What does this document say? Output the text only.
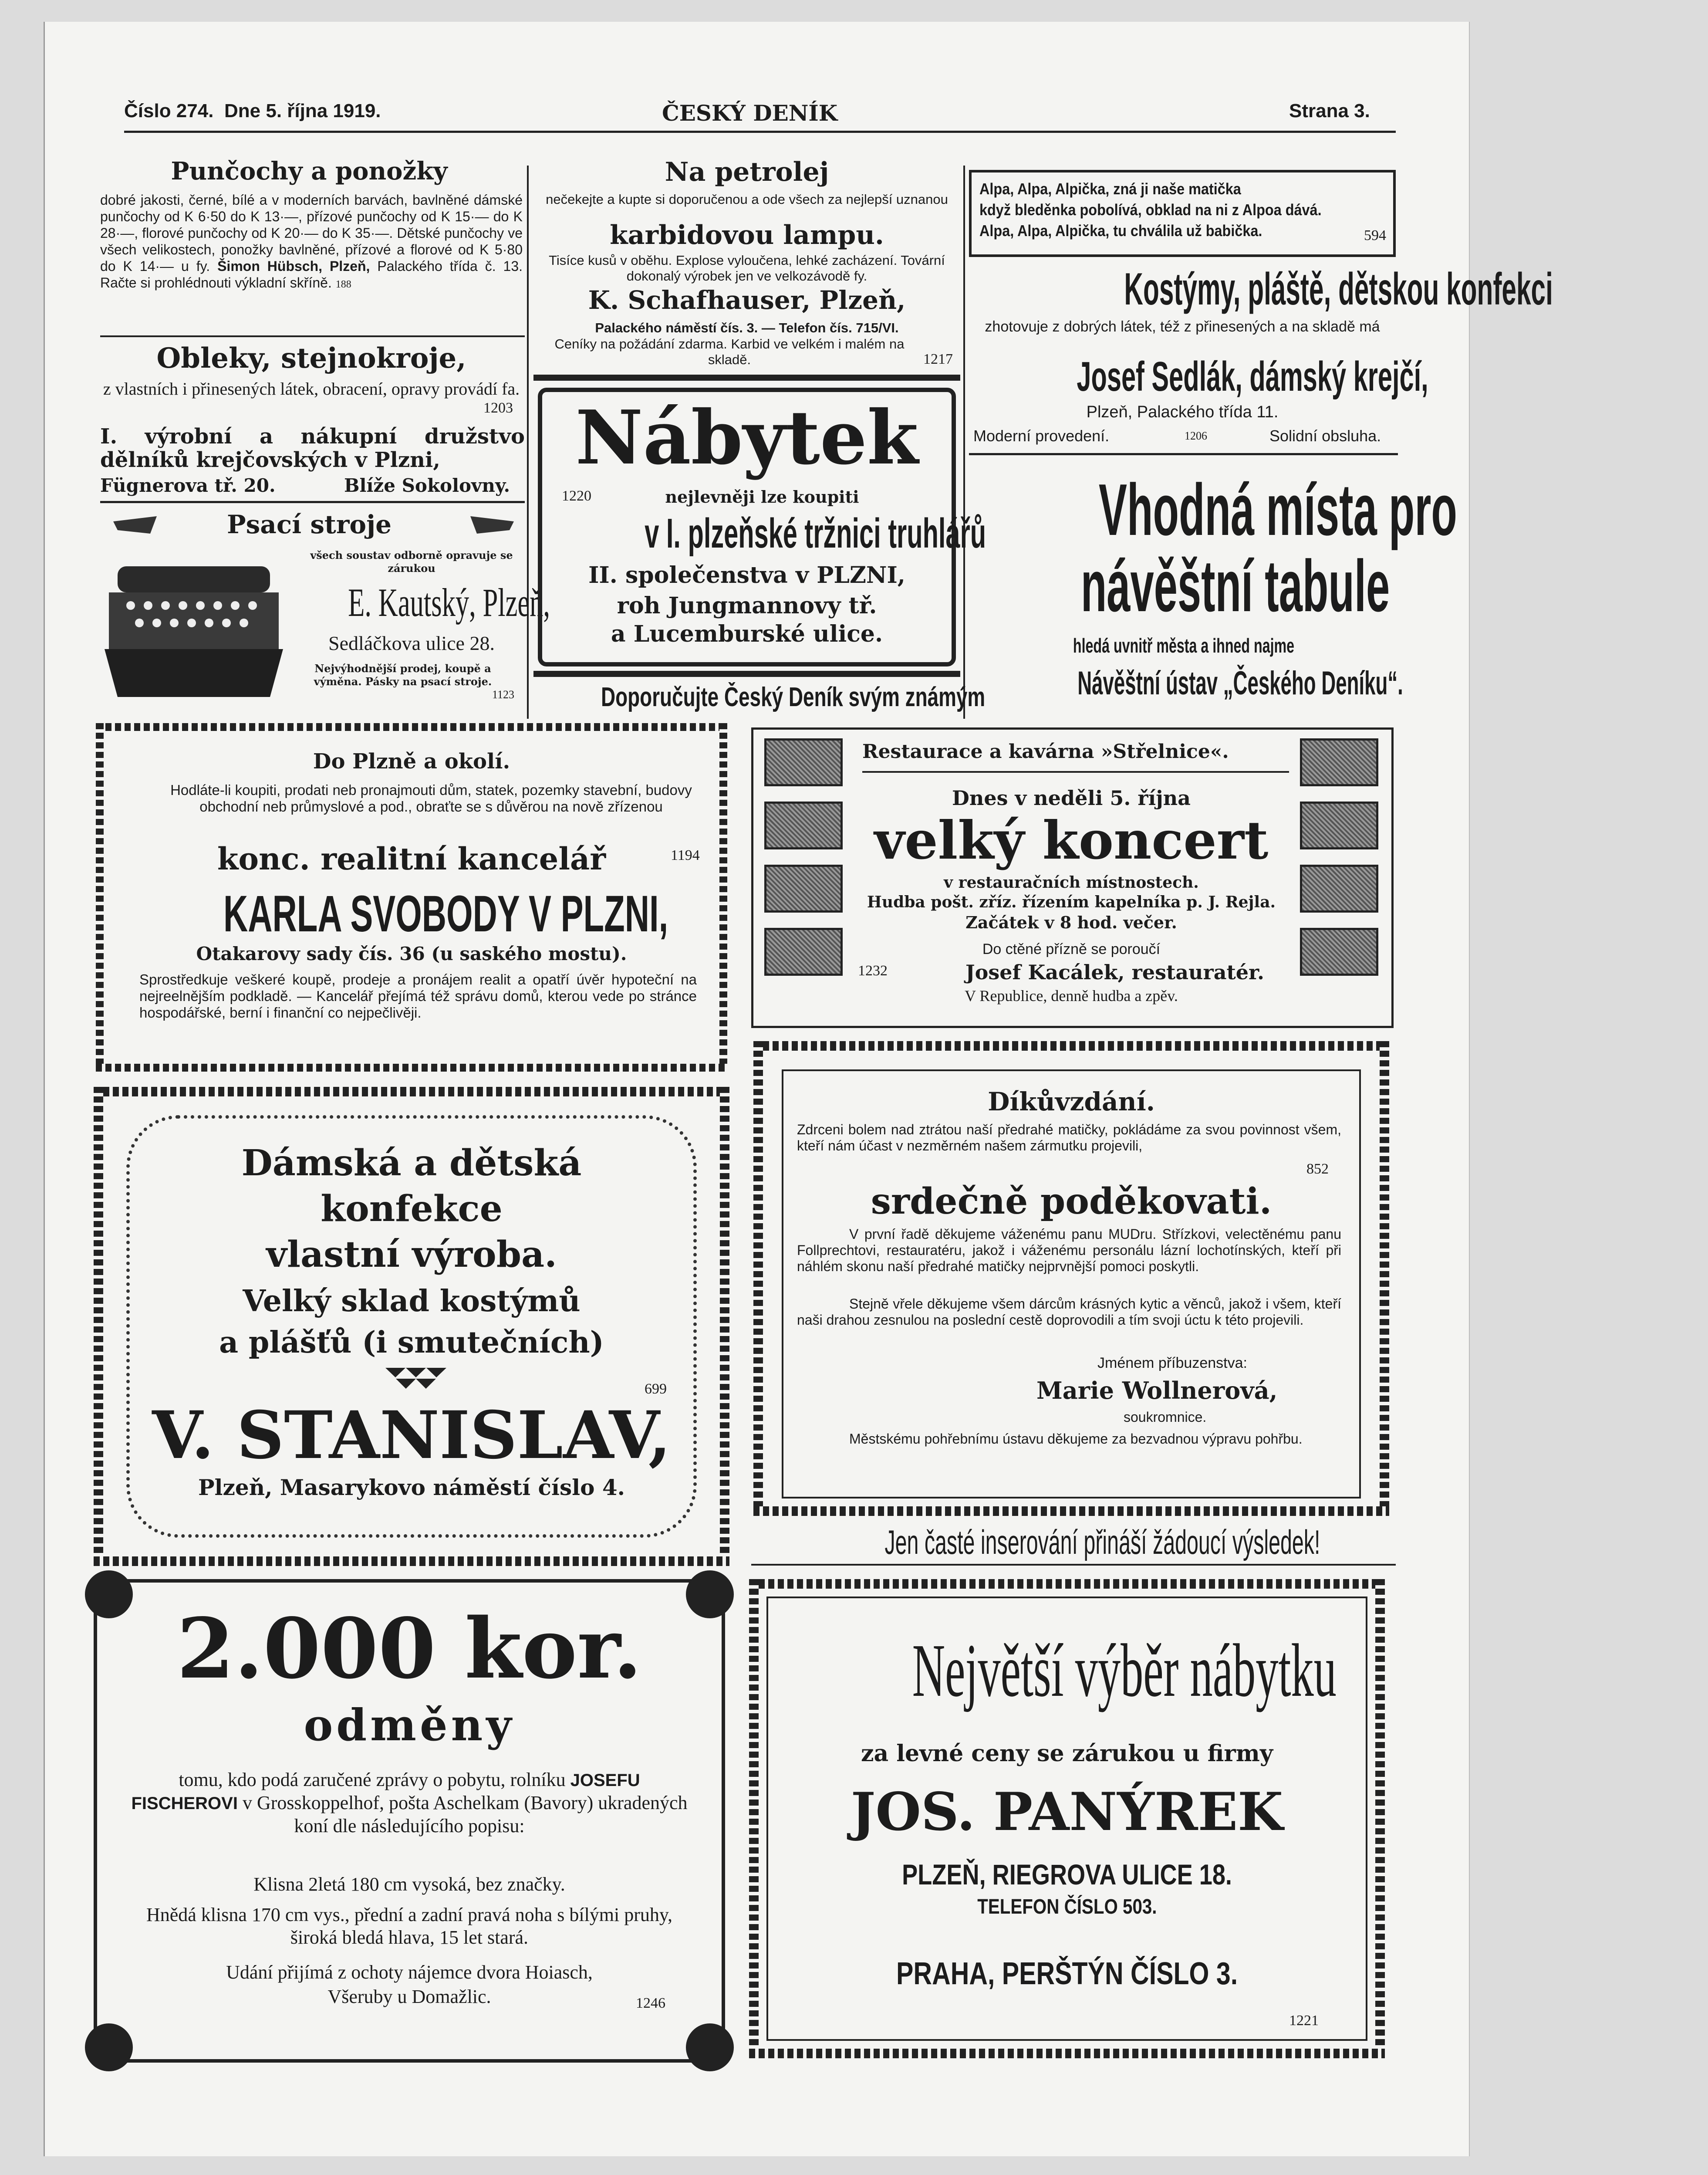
Číslo 274. Dne 5. října 1919.	ČESKÝ DENÍK	Strana 3.
Punčochy a ponožky
dobré jakosti, černé, bílé a v moderních barvách, bavlněné dámské punčochy od K 6·50 do K 13·—, přízové punčochy od K 15·— do K 28·—, florové punčochy od K 20·— do K 35·—. Dětské punčochy ve všech velikostech, ponožky bavlněné, přízové a florové od K 5·80 do K 14·— u fy. Šimon Hübsch, Plzeň, Palackého třída č. 13. Račte si prohlédnouti výkladní skříně. 188
Obleky, stejnokroje,
z vlastních i přinesených látek, obracení, opravy provádí fa.
1203
I. výrobní a nákupní družstvo dělníků krejčovských v Plzni,
Fügnerova tř. 20.	Blíže Sokolovny.
Psací stroje
všech soustav odborně opravuje se zárukou
E. Kautský, Plzeň,
Sedláčkova ulice 28.
Nejvýhodnější prodej, koupě a výměna. Pásky na psací stroje.
1123
Na petrolej
nečekejte a kupte si doporučenou a ode všech za nejlepší uznanou
karbidovou lampu.
Tisíce kusů v oběhu. Explose vyloučena, lehké zacházení. Tovární dokonalý výrobek jen ve velkozávodě fy.
K. Schafhauser, Plzeň,
Palackého náměstí čís. 3. — Telefon čís. 715/VI.
Ceníky na požádání zdarma. Karbid ve velkém i malém na skladě.	1217
Nábytek
1220	nejlevněji lze koupiti
v I. plzeňské tržnici truhlářů
II. společenstva v PLZNI,
roh Jungmannovy tř.
a Lucemburské ulice.
Doporučujte Český Deník svým známým
Alpa, Alpa, Alpička, zná ji naše matička
když bleděnka pobolívá, obklad na ni z Alpoa dává.
Alpa, Alpa, Alpička, tu chválila už babička.	594
Kostýmy, pláště, dětskou konfekci
zhotovuje z dobrých látek, též z přinesených a na skladě má
Josef Sedlák, dámský krejčí,
Plzeň, Palackého třída 11.
Moderní provedení.	1206	Solidní obsluha.
Vhodná místa pro
návěštní tabule
hledá uvnitř města a ihned najme
Návěštní ústav „Českého Deníku“.
Do Plzně a okolí.
Hodláte-li koupiti, prodati neb pronajmouti dům, statek, pozemky stavební, budovy obchodní neb průmyslové a pod., obraťte se s důvěrou na nově zřízenou
konc. realitní kancelář	1194
KARLA SVOBODY V PLZNI,
Otakarovy sady čís. 36 (u saského mostu).
Sprostředkuje veškeré koupě, prodeje a pronájem realit a opatří úvěr hypoteční na nejreelnějším podkladě. — Kancelář přejímá též správu domů, kterou vede po stránce hospodářské, berní i finanční co nejpečlivěji.
Restaurace a kavárna »Střelnice«.
Dnes v neděli 5. října
velký koncert
v restauračních místnostech.
Hudba pošt. zříz. řízením kapelníka p. J. Rejla.
Začátek v 8 hod. večer.
Do ctěné přízně se poroučí
1232	Josef Kacálek, restauratér.
V Republice, denně hudba a zpěv.
Dámská a dětská
konfekce
vlastní výroba.
Velký sklad kostýmů
a plášťů (i smutečních)
699
V. STANISLAV,
Plzeň, Masarykovo náměstí číslo 4.
Díkůvzdání.
Zdrceni bolem nad ztrátou naší předrahé matičky, pokládáme za svou povinnost všem, kteří nám účast v nezměrném našem zármutku projevili,
852
srdečně poděkovati.
V první řadě děkujeme váženému panu MUDru. Střízkovi, velectěnému panu Follprechtovi, restauratéru, jakož i váženému personálu lázní lochotínských, kteří při náhlém skonu naší předrahé matičky nejprvnější pomoci poskytli.
Stejně vřele děkujeme všem dárcům krásných kytic a věnců, jakož i všem, kteří naši drahou zesnulou na poslední cestě doprovodili a tím svoji úctu k této projevili.
Jménem příbuzenstva:
Marie Wollnerová,
soukromnice.
Městskému pohřebnímu ústavu děkujeme za bezvadnou výpravu pohřbu.
Jen časté inserování přináší žádoucí výsledek!
2.000 kor.
odměny
tomu, kdo podá zaručené zprávy o pobytu, rolníku JOSEFU FISCHEROVI v Grosskoppelhof, pošta Aschelkam (Bavory) ukradených koní dle následujícího popisu:
Klisna 2letá 180 cm vysoká, bez značky.
Hnědá klisna 170 cm vys., přední a zadní pravá noha s bílými pruhy, široká bledá hlava, 15 let stará.
Udání přijímá z ochoty nájemce dvora Hoiasch, Všeruby u Domažlic.	1246
Největší výběr nábytku
za levné ceny se zárukou u firmy
JOS. PANÝREK
PLZEŇ, RIEGROVA ULICE 18.
TELEFON ČÍSLO 503.
PRAHA, PERŠTÝN ČÍSLO 3.
1221
